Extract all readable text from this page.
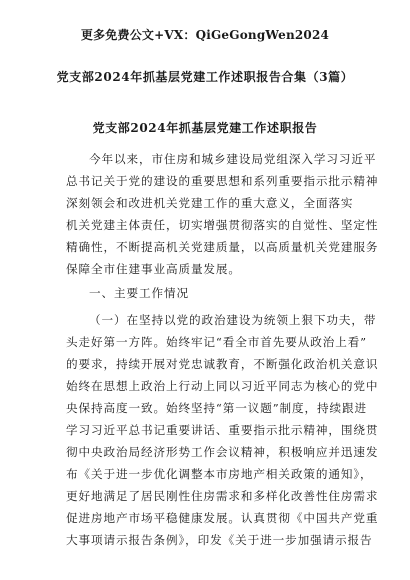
更多免费公文+VX：QiGeGongWen2024

党支部2024年抓基层党建工作述职报告合集（3篇）

党支部2024年抓基层党建工作述职报告

今年以来，市住房和城乡建设局党组深入学习习近平

总书记关于党的建设的重要思想和系列重要指示批示精神

深刻领会和改进机关党建工作的重大意义，全面落实

机关党建主体责任，切实增强贯彻落实的自觉性、坚定性

精确性，不断提高机关党建质量，以高质量机关党建服务

保障全市住建事业高质量发展。

一、主要工作情况

（一）在坚持以党的政治建设为统领上狠下功夫，带

头走好第一方阵。始终牢记“看全市首先要从政治上看”

的要求，持续开展对党忠诚教育，不断强化政治机关意识

始终在思想上政治上行动上同以习近平同志为核心的党中

央保持高度一致。始终坚持“第一议题”制度，持续跟进

学习习近平总书记重要讲话、重要指示批示精神，围绕贯

彻中央政治局经济形势工作会议精神，积极响应并迅速发

布《关于进一步优化调整本市房地产相关政策的通知》，

更好地满足了居民刚性住房需求和多样化改善性住房需求

促进房地产市场平稳健康发展。认真贯彻《中国共产党重

大事项请示报告条例》，印发《关于进一步加强请示报告
